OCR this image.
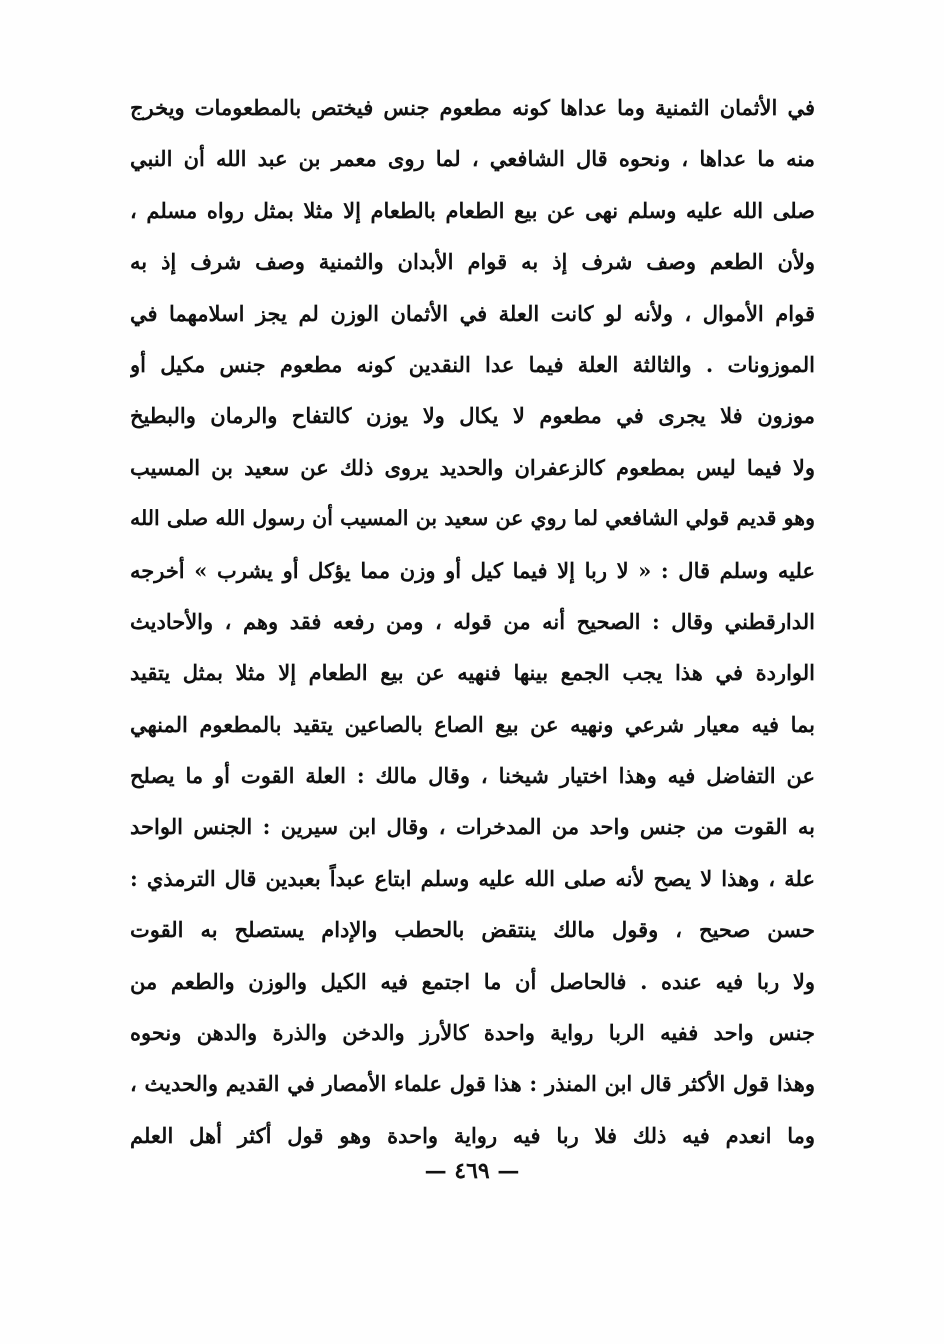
في الأثمان الثمنية وما عداها كونه مطعوم جنس فيختص بالمطعومات ويخرج
منه ما عداها ، ونحوه قال الشافعي ، لما روى معمر بن عبد الله أن النبي
صلى الله عليه وسلم نهى عن بيع الطعام بالطعام إلا مثلا بمثل رواه مسلم ،
ولأن الطعم وصف شرف إذ به قوام الأبدان والثمنية وصف شرف إذ به
قوام الأموال ، ولأنه لو كانت العلة في الأثمان الوزن لم يجز اسلامهما في
الموزونات . والثالثة العلة فيما عدا النقدين كونه مطعوم جنس مكيل أو
موزون فلا يجرى في مطعوم لا يكال ولا يوزن كالتفاح والرمان والبطيخ
ولا فيما ليس بمطعوم كالزعفران والحديد يروى ذلك عن سعيد بن المسيب
وهو قديم قولي الشافعي لما روي عن سعيد بن المسيب أن رسول الله صلى الله
عليه وسلم قال : « لا ربا إلا فيما كيل أو وزن مما يؤكل أو يشرب » أخرجه
الدارقطني وقال : الصحيح أنه من قوله ، ومن رفعه فقد وهم ، والأحاديث
الواردة في هذا يجب الجمع بينها فنهيه عن بيع الطعام إلا مثلا بمثل يتقيد
بما فيه معيار شرعي ونهيه عن بيع الصاع بالصاعين يتقيد بالمطعوم المنهي
عن التفاضل فيه وهذا اختيار شيخنا ، وقال مالك : العلة القوت أو ما يصلح
به القوت من جنس واحد من المدخرات ، وقال ابن سيرين : الجنس الواحد
علة ، وهذا لا يصح لأنه صلى الله عليه وسلم ابتاع عبداً بعبدين قال الترمذي :
حسن صحيح ، وقول مالك ينتقض بالحطب والإدام يستصلح به القوت
ولا ربا فيه عنده . فالحاصل أن ما اجتمع فيه الكيل والوزن والطعم من
جنس واحد ففيه الربا رواية واحدة كالأرز والدخن والذرة والدهن ونحوه
وهذا قول الأكثر قال ابن المنذر : هذا قول علماء الأمصار في القديم والحديث ،
وما انعدم فيه ذلك فلا ربا فيه رواية واحدة وهو قول أكثر أهل العلم
— ٤٦٩ —
